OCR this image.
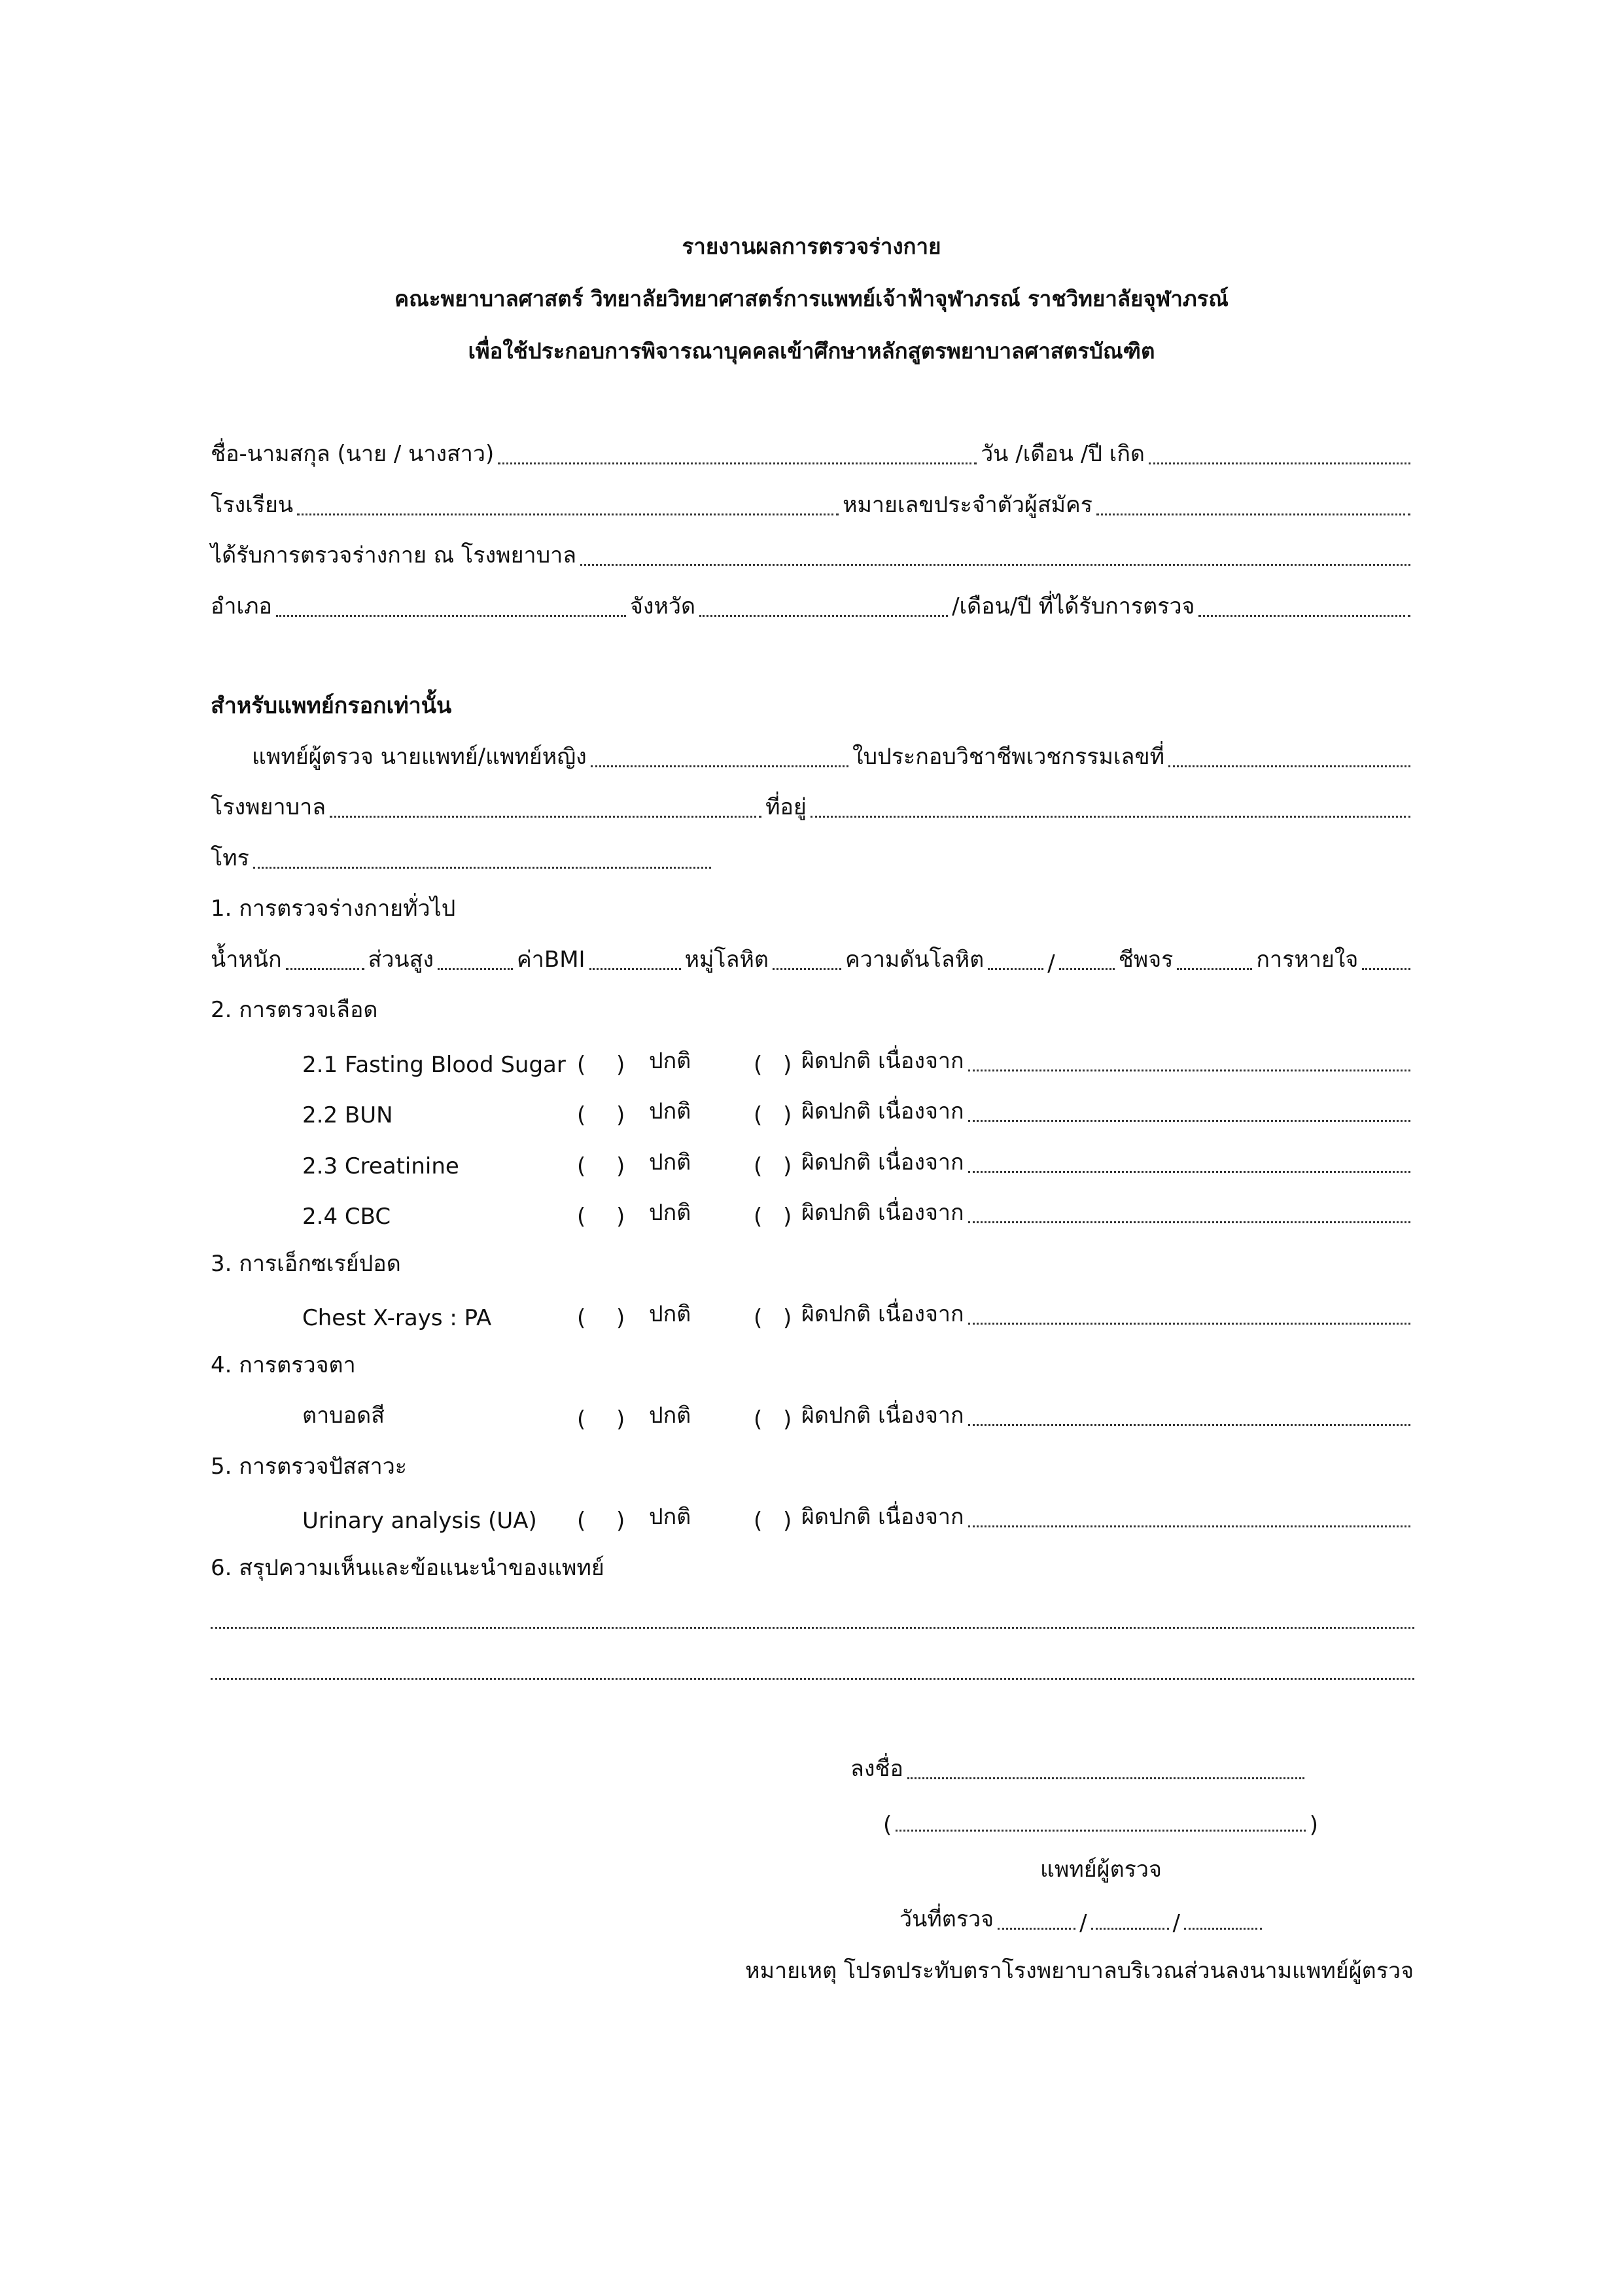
รายงานผลการตรวจร่างกาย
คณะพยาบาลศาสตร์ วิทยาลัยวิทยาศาสตร์การแพทย์เจ้าฟ้าจุฬาภรณ์ ราชวิทยาลัยจุฬาภรณ์
เพื่อใช้ประกอบการพิจารณาบุคคลเข้าศึกษาหลักสูตรพยาบาลศาสตรบัณฑิต
ชื่อ-นามสกุล (นาย / นางสาว)	วัน /เดือน /ปี เกิด
โรงเรียน	หมายเลขประจำตัวผู้สมัคร
ได้รับการตรวจร่างกาย ณ โรงพยาบาล
อำเภอ	จังหวัด	/เดือน/ปี ที่ได้รับการตรวจ
สำหรับแพทย์กรอกเท่านั้น
แพทย์ผู้ตรวจ นายแพทย์/แพทย์หญิง	ใบประกอบวิชาชีพเวชกรรมเลขที่
โรงพยาบาล	ที่อยู่
โทร
1. การตรวจร่างกายทั่วไป
น้ำหนัก	ส่วนสูง	ค่าBMI	หมู่โลหิต	ความดันโลหิต	/	ชีพจร	การหายใจ
2. การตรวจเลือด
2.1 Fasting Blood Sugar (	)	ปกติ	( ) ผิดปกติ เนื่องจาก
2.2 BUN	(	)	ปกติ	( ) ผิดปกติ เนื่องจาก
2.3 Creatinine	(	)	ปกติ	( ) ผิดปกติ เนื่องจาก
2.4 CBC	(	)	ปกติ	( ) ผิดปกติ เนื่องจาก
Chest X-rays : PA	(	)	ปกติ	( ) ผิดปกติ เนื่องจาก
ตาบอดสี	(	)	ปกติ	( ) ผิดปกติ เนื่องจาก
Urinary analysis (UA)	(	)	ปกติ	( ) ผิดปกติ เนื่องจาก
3. การเอ็กซเรย์ปอด
4. การตรวจตา
5. การตรวจปัสสาวะ
6. สรุปความเห็นและข้อแนะนำของแพทย์
ลงชื่อ
(	)
แพทย์ผู้ตรวจ
วันที่ตรวจ	/	/
หมายเหตุ โปรดประทับตราโรงพยาบาลบริเวณส่วนลงนามแพทย์ผู้ตรวจ
